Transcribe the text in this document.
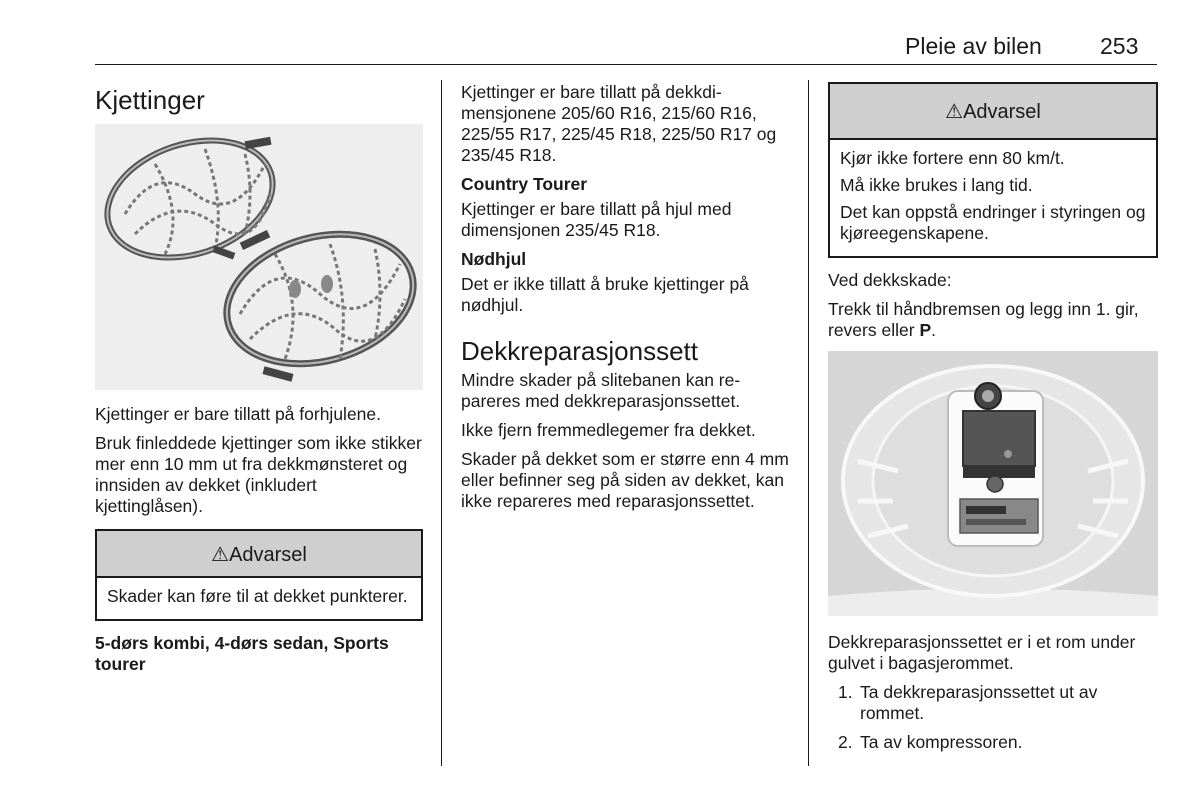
Pleie av bilen	253
Kjettinger

Kjettinger er bare tillatt på forhjulene.

Bruk finleddede kjettinger som ikke stikker mer enn 10 mm ut fra dekkmønsteret og innsiden av dekket (inkludert kjettinglåsen).

⚠Advarsel

Skader kan føre til at dekket punkterer.

5-dørs kombi, 4-dørs sedan, Sports tourer

Kjettinger er bare tillatt på dekkdimensjonene 205/60 R16, 215/60 R16, 225/55 R17, 225/45 R18, 225/50 R17 og 235/45 R18.

Country Tourer

Kjettinger er bare tillatt på hjul med dimensjonen 235/45 R18.

Nødhjul

Det er ikke tillatt å bruke kjettinger på nødhjul.

Dekkreparasjonssett

Mindre skader på slitebanen kan repareres med dekkreparasjonssettet.

Ikke fjern fremmedlegemer fra dekket.

Skader på dekket som er større enn 4 mm eller befinner seg på siden av dekket, kan ikke repareres med reparasjonssettet.

⚠Advarsel

Kjør ikke fortere enn 80 km/t.

Må ikke brukes i lang tid.

Det kan oppstå endringer i styringen og kjøreegenskapene.

Ved dekkskade:

Trekk til håndbremsen og legg inn 1. gir, revers eller P.

Dekkreparasjonssettet er i et rom under gulvet i bagasjerommet.

1. Ta dekkreparasjonssettet ut av rommet.
2. Ta av kompressoren.
